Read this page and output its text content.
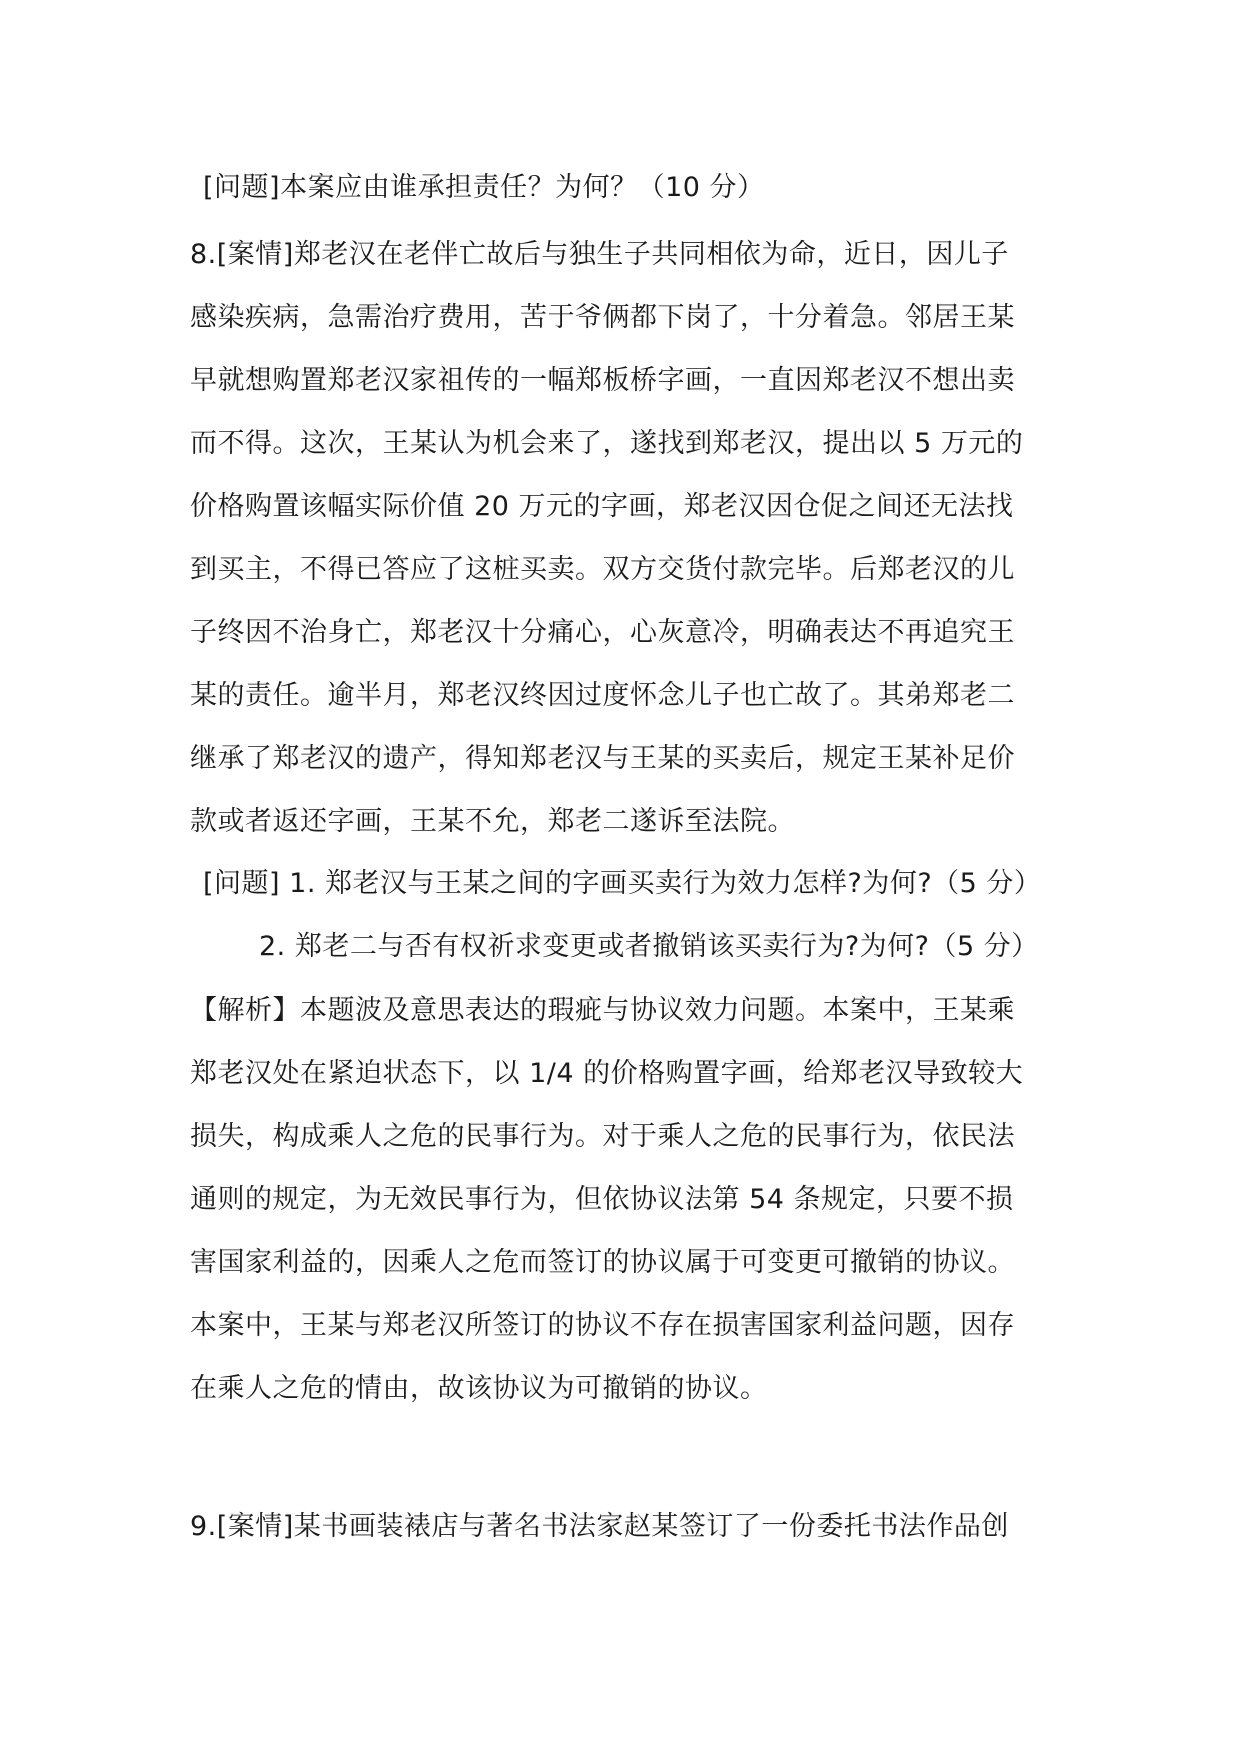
[问题]本案应由谁承担责任？为何？（10 分）
8.[案情]郑老汉在老伴亡故后与独生子共同相依为命，近日，因儿子
感染疾病，急需治疗费用，苦于爷俩都下岗了，十分着急。邻居王某
早就想购置郑老汉家祖传的一幅郑板桥字画，一直因郑老汉不想出卖
而不得。这次，王某认为机会来了，遂找到郑老汉，提出以 5 万元的
价格购置该幅实际价值 20 万元的字画，郑老汉因仓促之间还无法找
到买主，不得已答应了这桩买卖。双方交货付款完毕。后郑老汉的儿
子终因不治身亡，郑老汉十分痛心，心灰意冷，明确表达不再追究王
某的责任。逾半月，郑老汉终因过度怀念儿子也亡故了。其弟郑老二
继承了郑老汉的遗产，得知郑老汉与王某的买卖后，规定王某补足价
款或者返还字画，王某不允，郑老二遂诉至法院。
[问题] 1. 郑老汉与王某之间的字画买卖行为效力怎样?为何?（5 分）
2. 郑老二与否有权祈求变更或者撤销该买卖行为?为何?（5 分）
【解析】本题波及意思表达的瑕疵与协议效力问题。本案中，王某乘
郑老汉处在紧迫状态下，以 1/4 的价格购置字画，给郑老汉导致较大
损失，构成乘人之危的民事行为。对于乘人之危的民事行为，依民法
通则的规定，为无效民事行为，但依协议法第 54 条规定，只要不损
害国家利益的，因乘人之危而签订的协议属于可变更可撤销的协议。
本案中，王某与郑老汉所签订的协议不存在损害国家利益问题，因存
在乘人之危的情由，故该协议为可撤销的协议。
9.[案情]某书画装裱店与著名书法家赵某签订了一份委托书法作品创
